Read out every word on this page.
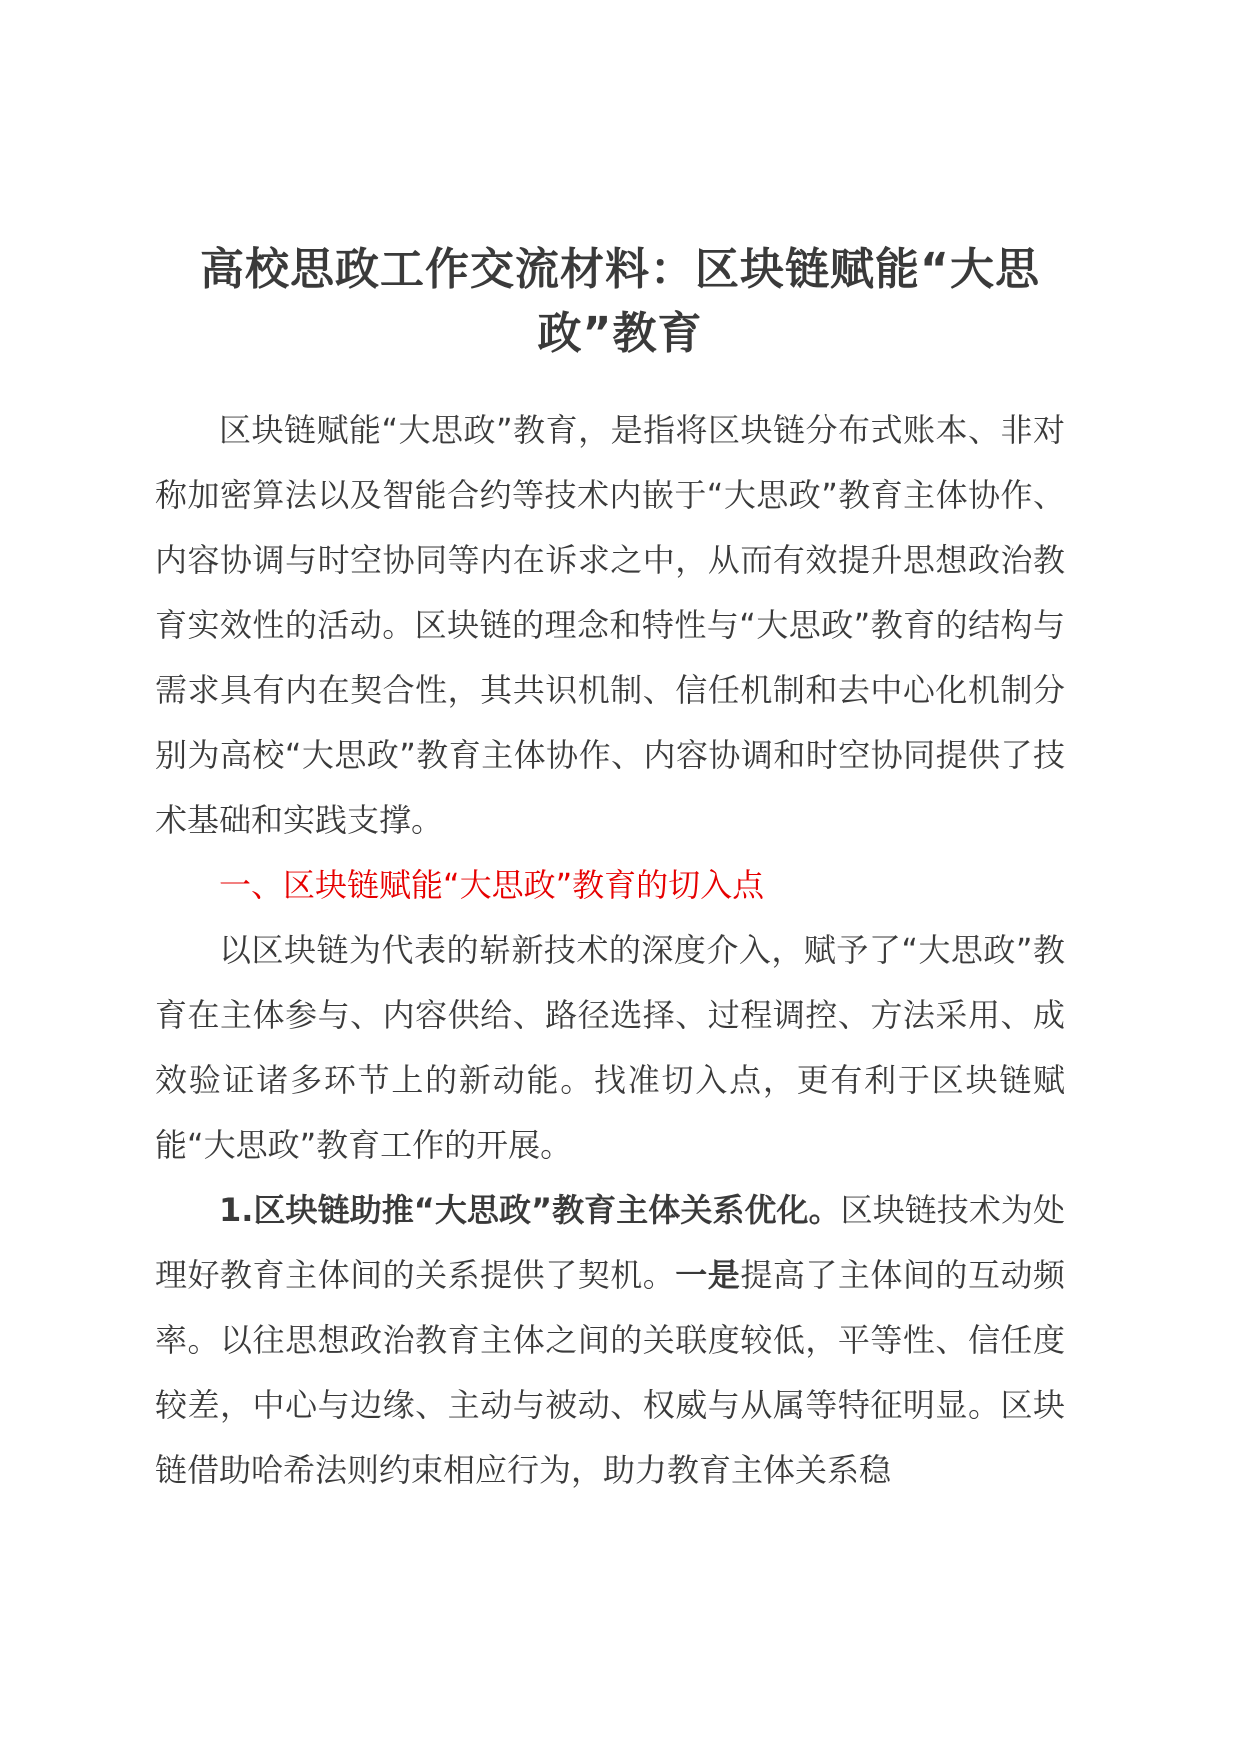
高校思政工作交流材料：区块链赋能“大思政”教育

区块链赋能“大思政”教育，是指将区块链分布式账本、非对称加密算法以及智能合约等技术内嵌于“大思政”教育主体协作、内容协调与时空协同等内在诉求之中，从而有效提升思想政治教育实效性的活动。区块链的理念和特性与“大思政”教育的结构与需求具有内在契合性，其共识机制、信任机制和去中心化机制分别为高校“大思政”教育主体协作、内容协调和时空协同提供了技术基础和实践支撑。

一、区块链赋能“大思政”教育的切入点

以区块链为代表的崭新技术的深度介入，赋予了“大思政”教育在主体参与、内容供给、路径选择、过程调控、方法采用、成效验证诸多环节上的新动能。找准切入点，更有利于区块链赋能“大思政”教育工作的开展。

1.区块链助推“大思政”教育主体关系优化。区块链技术为处理好教育主体间的关系提供了契机。一是提高了主体间的互动频率。以往思想政治教育主体之间的关联度较低，平等性、信任度较差，中心与边缘、主动与被动、权威与从属等特征明显。区块链借助哈希法则约束相应行为，助力教育主体关系稳
